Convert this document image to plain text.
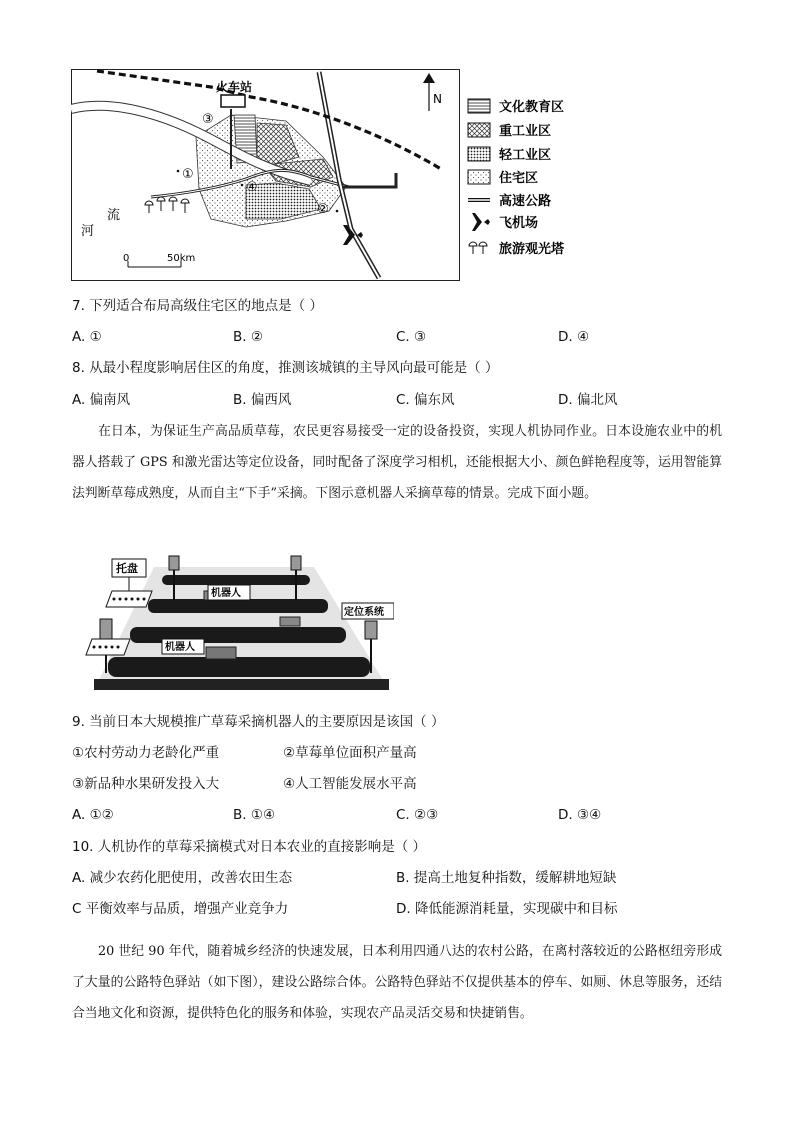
火车站
N
③
①
④
②
河
流
0	50km
文化教育区
重工业区
轻工业区
住宅区
高速公路
飞机场
旅游观光塔
7. 下列适合布局高级住宅区的地点是（ ）
A. ①	B. ②	C. ③	D. ④
8. 从最小程度影响居住区的角度，推测该城镇的主导风向最可能是（ ）
A. 偏南风	B. 偏西风	C. 偏东风	D. 偏北风
在日本，为保证生产高品质草莓，农民更容易接受一定的设备投资，实现人机协同作业。日本设施农业中的机器人搭载了 GPS 和激光雷达等定位设备，同时配备了深度学习相机，还能根据大小、颜色鲜艳程度等，运用智能算法判断草莓成熟度，从而自主“下手”采摘。下图示意机器人采摘草莓的情景。完成下面小题。
托盘
机器人
机器人
定位系统
9. 当前日本大规模推广草莓采摘机器人的主要原因是该国（ ）
①农村劳动力老龄化严重	②草莓单位面积产量高
③新品种水果研发投入大	④人工智能发展水平高
A. ①②	B. ①④	C. ②③	D. ③④
10. 人机协作的草莓采摘模式对日本农业的直接影响是（ ）
A. 减少农药化肥使用，改善农田生态	B. 提高土地复种指数，缓解耕地短缺
C 平衡效率与品质，增强产业竞争力	D. 降低能源消耗量，实现碳中和目标
20 世纪 90 年代，随着城乡经济的快速发展，日本利用四通八达的农村公路，在离村落较近的公路枢纽旁形成了大量的公路特色驿站（如下图），建设公路综合体。公路特色驿站不仅提供基本的停车、如厕、休息等服务，还结合当地文化和资源，提供特色化的服务和体验，实现农产品灵活交易和快捷销售。
